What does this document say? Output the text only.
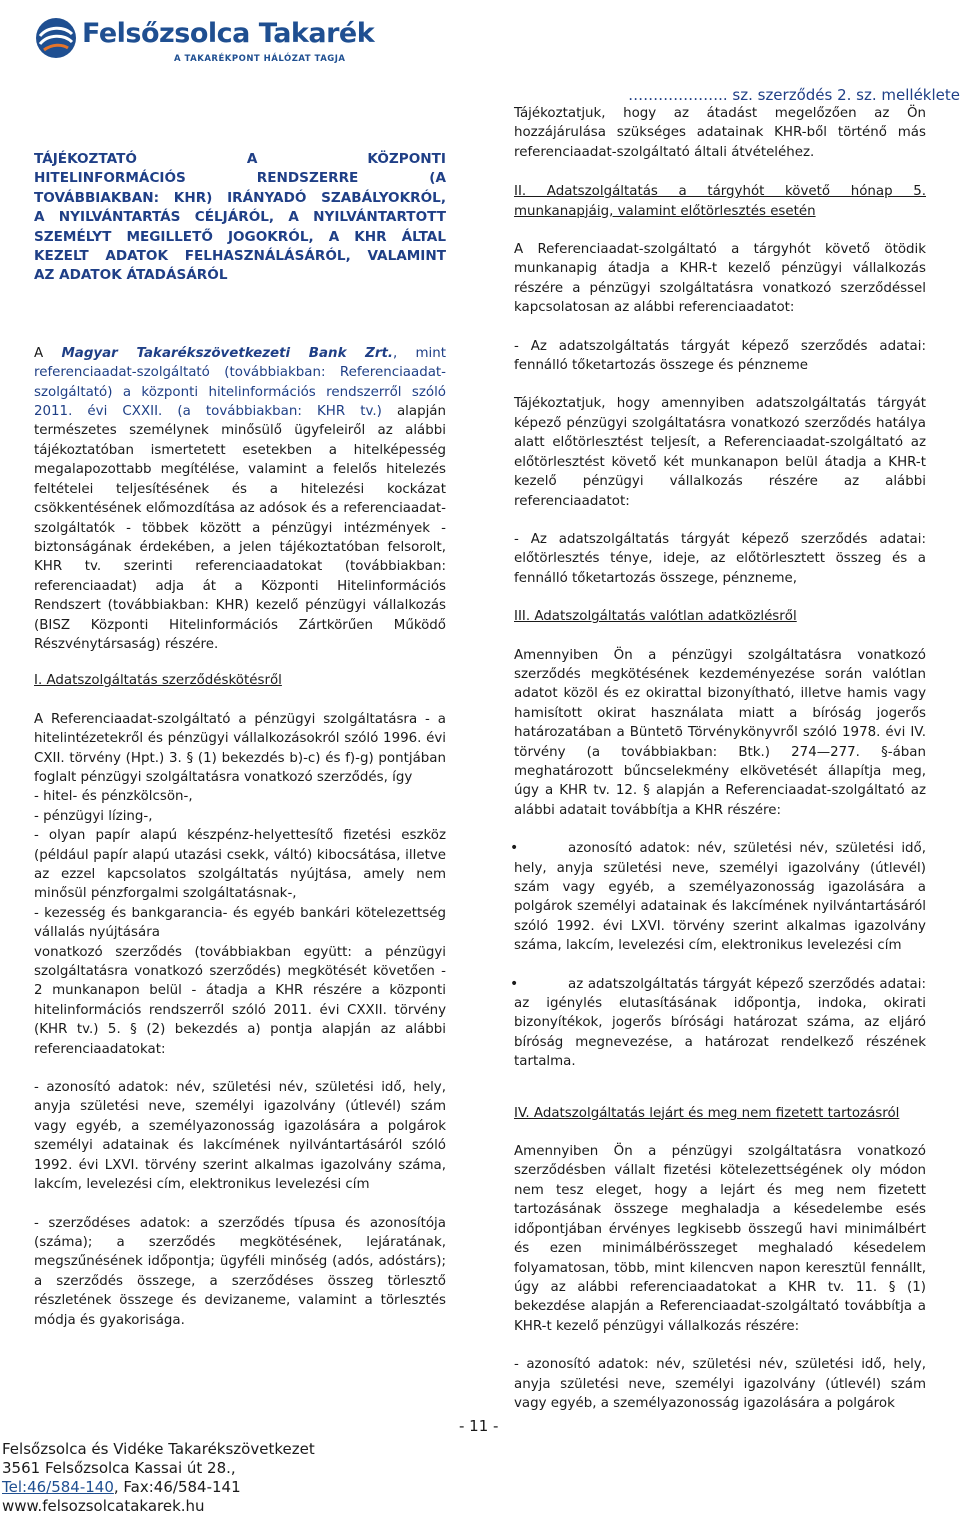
Felsőzsolca Takarék
A TAKARÉKPONT HÁLÓZAT TAGJA
TÁJÉKOZTATÓ A KÖZPONTI
HITELINFORMÁCIÓS RENDSZERRE (A
TOVÁBBIAKBAN: KHR) IRÁNYADÓ SZABÁLYOKRÓL,
A NYILVÁNTARTÁS CÉLJÁRÓL, A NYILVÁNTARTOTT
SZEMÉLYT MEGILLETŐ JOGOKRÓL, A KHR ÁLTAL
KEZELT ADATOK FELHASZNÁLÁSÁRÓL, VALAMINT
AZ ADATOK ÁTADÁSÁRÓL

A Magyar Takarékszövetkezeti Bank Zrt., mint referenciaadat-szolgáltató (továbbiakban: Referenciaadat-szolgáltató) a központi hitelinformációs rendszerről szóló 2011. évi CXXII. (a továbbiakban: KHR tv.) alapján természetes személynek minősülő ügyfeleiről az alábbi tájékoztatóban ismertetett esetekben a hitelképesség megalapozottabb megítélése, valamint a felelős hitelezés feltételei teljesítésének és a hitelezési kockázat csökkentésének előmozdítása az adósok és a referenciaadat-szolgáltatók - többek között a pénzügyi intézmények - biztonságának érdekében, a jelen tájékoztatóban felsorolt, KHR tv. szerinti referenciaadatokat (továbbiakban: referenciaadat) adja át a Központi Hitelinformációs Rendszert (továbbiakban: KHR) kezelő pénzügyi vállalkozás (BISZ Központi Hitelinformációs Zártkörűen Működő Részvénytársaság) részére.

I. Adatszolgáltatás szerződéskötésről

A Referenciaadat-szolgáltató a pénzügyi szolgáltatásra - a hitelintézetekről és pénzügyi vállalkozásokról szóló 1996. évi CXII. törvény (Hpt.) 3. § (1) bekezdés b)-c) és f)-g) pontjában foglalt pénzügyi szolgáltatásra vonatkozó szerződés, így

- hitel- és pénzkölcsön-,

- pénzügyi lízing-,

- olyan papír alapú készpénz-helyettesítő fizetési eszköz (például papír alapú utazási csekk, váltó) kibocsátása, illetve az ezzel kapcsolatos szolgáltatás nyújtása, amely nem minősül pénzforgalmi szolgáltatásnak-,

- kezesség és bankgarancia- és egyéb bankári kötelezettség vállalás nyújtására

vonatkozó szerződés (továbbiakban együtt: a pénzügyi szolgáltatásra vonatkozó szerződés) megkötését követően - 2 munkanapon belül - átadja a KHR részére a központi hitelinformációs rendszerről szóló 2011. évi CXXII. törvény (KHR tv.) 5. § (2) bekezdés a) pontja alapján az alábbi referenciaadatokat:

- azonosító adatok: név, születési név, születési idő, hely, anyja születési neve, személyi igazolvány (útlevél) szám vagy egyéb, a személyazonosság igazolására a polgárok személyi adatainak és lakcímének nyilvántartásáról szóló 1992. évi LXVI. törvény szerint alkalmas igazolvány száma, lakcím, levelezési cím, elektronikus levelezési cím

- szerződéses adatok: a szerződés típusa és azonosítója (száma); a szerződés megkötésének, lejáratának, megszűnésének időpontja; ügyféli minőség (adós, adóstárs); a szerződés összege, a szerződéses összeg törlesztő részletének összege és devizaneme, valamint a törlesztés módja és gyakorisága.

……………….. sz. szerződés 2. sz. melléklete

Tájékoztatjuk, hogy az átadást megelőzően az Ön hozzájárulása szükséges adatainak KHR-ből történő más referenciaadat-szolgáltató általi átvételéhez.

II. Adatszolgáltatás a tárgyhót követő hónap 5. munkanapjáig, valamint előtörlesztés esetén

A Referenciaadat-szolgáltató a tárgyhót követő ötödik munkanapig átadja a KHR-t kezelő pénzügyi vállalkozás részére a pénzügyi szolgáltatásra vonatkozó szerződéssel kapcsolatosan az alábbi referenciaadatot:

- Az adatszolgáltatás tárgyát képező szerződés adatai: fennálló tőketartozás összege és pénzneme

Tájékoztatjuk, hogy amennyiben adatszolgáltatás tárgyát képező pénzügyi szolgáltatásra vonatkozó szerződés hatálya alatt előtörlesztést teljesít, a Referenciaadat-szolgáltató az előtörlesztést követő két munkanapon belül átadja a KHR-t kezelő pénzügyi vállalkozás részére az alábbi referenciaadatot:

- Az adatszolgáltatás tárgyát képező szerződés adatai: előtörlesztés ténye, ideje, az előtörlesztett összeg és a fennálló tőketartozás összege, pénzneme,

III. Adatszolgáltatás valótlan adatközlésről

Amennyiben Ön a pénzügyi szolgáltatásra vonatkozó szerződés megkötésének kezdeményezése során valótlan adatot közöl és ez okirattal bizonyítható, illetve hamis vagy hamisított okirat használata miatt a bíróság jogerős határozatában a Büntetõ Törvénykönyvről szóló 1978. évi IV. törvény (a továbbiakban: Btk.) 274—277. §-ában meghatározott bűncselekmény elkövetését állapítja meg, úgy a KHR tv. 12. § alapján a Referenciaadat-szolgáltató az alábbi adatait továbbítja a KHR részére:

•	azonosító adatok: név, születési név, születési idő, hely, anyja születési neve, személyi igazolvány (útlevél) szám vagy egyéb, a személyazonosság igazolására a polgárok személyi adatainak és lakcímének nyilvántartásáról szóló 1992. évi LXVI. törvény szerint alkalmas igazolvány száma, lakcím, levelezési cím, elektronikus levelezési cím

•	az adatszolgáltatás tárgyát képező szerződés adatai: az igénylés elutasításának időpontja, indoka, okirati bizonyítékok, jogerős bírósági határozat száma, az eljáró bíróság megnevezése, a határozat rendelkező részének tartalma.

IV. Adatszolgáltatás lejárt és meg nem fizetett tartozásról

Amennyiben Ön a pénzügyi szolgáltatásra vonatkozó szerződésben vállalt fizetési kötelezettségének oly módon nem tesz eleget, hogy a lejárt és meg nem fizetett tartozásának összege meghaladja a késedelembe esés időpontjában érvényes legkisebb összegű havi minimálbért és ezen minimálbérösszeget meghaladó késedelem folyamatosan, több, mint kilencven napon keresztül fennállt, úgy az alábbi referenciaadatokat a KHR tv. 11. § (1) bekezdése alapján a Referenciaadat-szolgáltató továbbítja a KHR-t kezelő pénzügyi vállalkozás részére:

- azonosító adatok: név, születési név, születési idő, hely, anyja születési neve, személyi igazolvány (útlevél) szám vagy egyéb, a személyazonosság igazolására a polgárok

- 11 -
Felsőzsolca és Vidéke Takarékszövetkezet
3561 Felsőzsolca Kassai út 28.,
Tel:46/584-140, Fax:46/584-141
www.felsozsolcatakarek.hu
